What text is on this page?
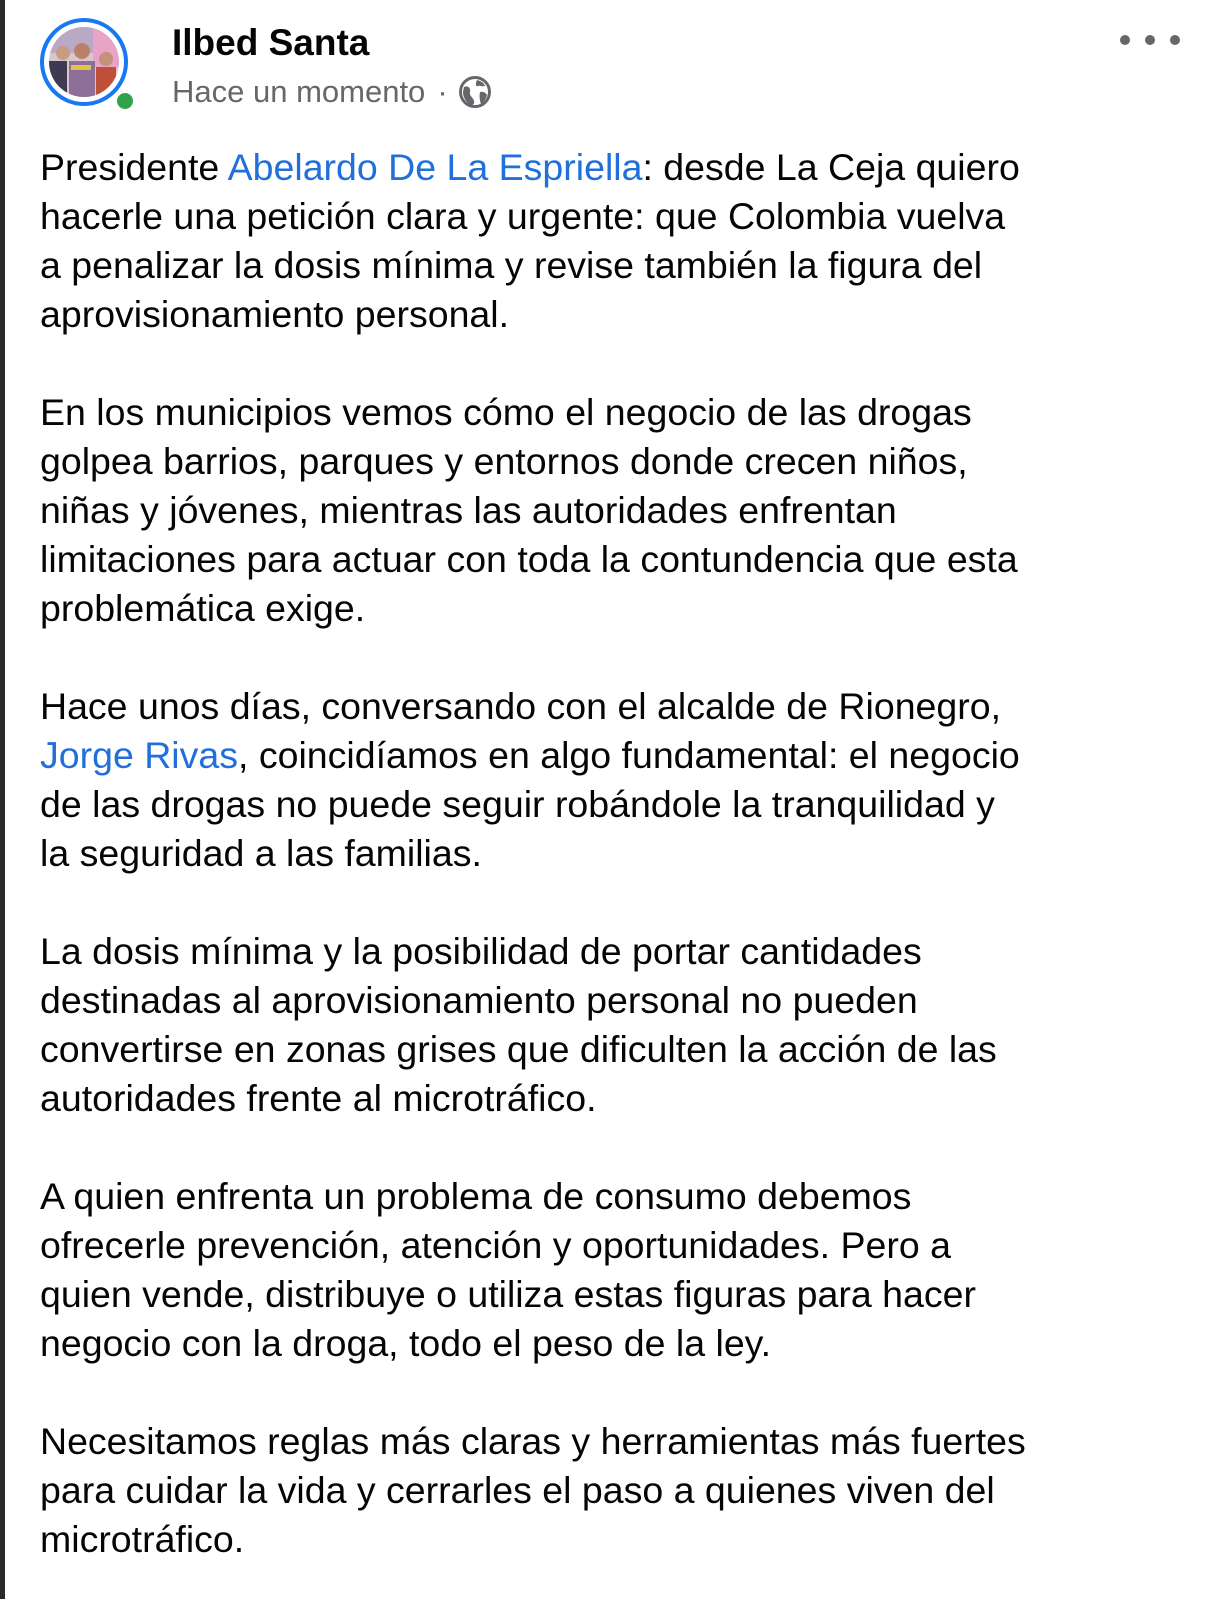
Ilbed Santa
Hace un momento ·

Presidente Abelardo De La Espriella: desde La Ceja quiero
hacerle una petición clara y urgente: que Colombia vuelva
a penalizar la dosis mínima y revise también la figura del
aprovisionamiento personal.

En los municipios vemos cómo el negocio de las drogas
golpea barrios, parques y entornos donde crecen niños,
niñas y jóvenes, mientras las autoridades enfrentan
limitaciones para actuar con toda la contundencia que esta
problemática exige.

Hace unos días, conversando con el alcalde de Rionegro,
Jorge Rivas, coincidíamos en algo fundamental: el negocio
de las drogas no puede seguir robándole la tranquilidad y
la seguridad a las familias.

La dosis mínima y la posibilidad de portar cantidades
destinadas al aprovisionamiento personal no pueden
convertirse en zonas grises que dificulten la acción de las
autoridades frente al microtráfico.

A quien enfrenta un problema de consumo debemos
ofrecerle prevención, atención y oportunidades. Pero a
quien vende, distribuye o utiliza estas figuras para hacer
negocio con la droga, todo el peso de la ley.

Necesitamos reglas más claras y herramientas más fuertes
para cuidar la vida y cerrarles el paso a quienes viven del
microtráfico.
